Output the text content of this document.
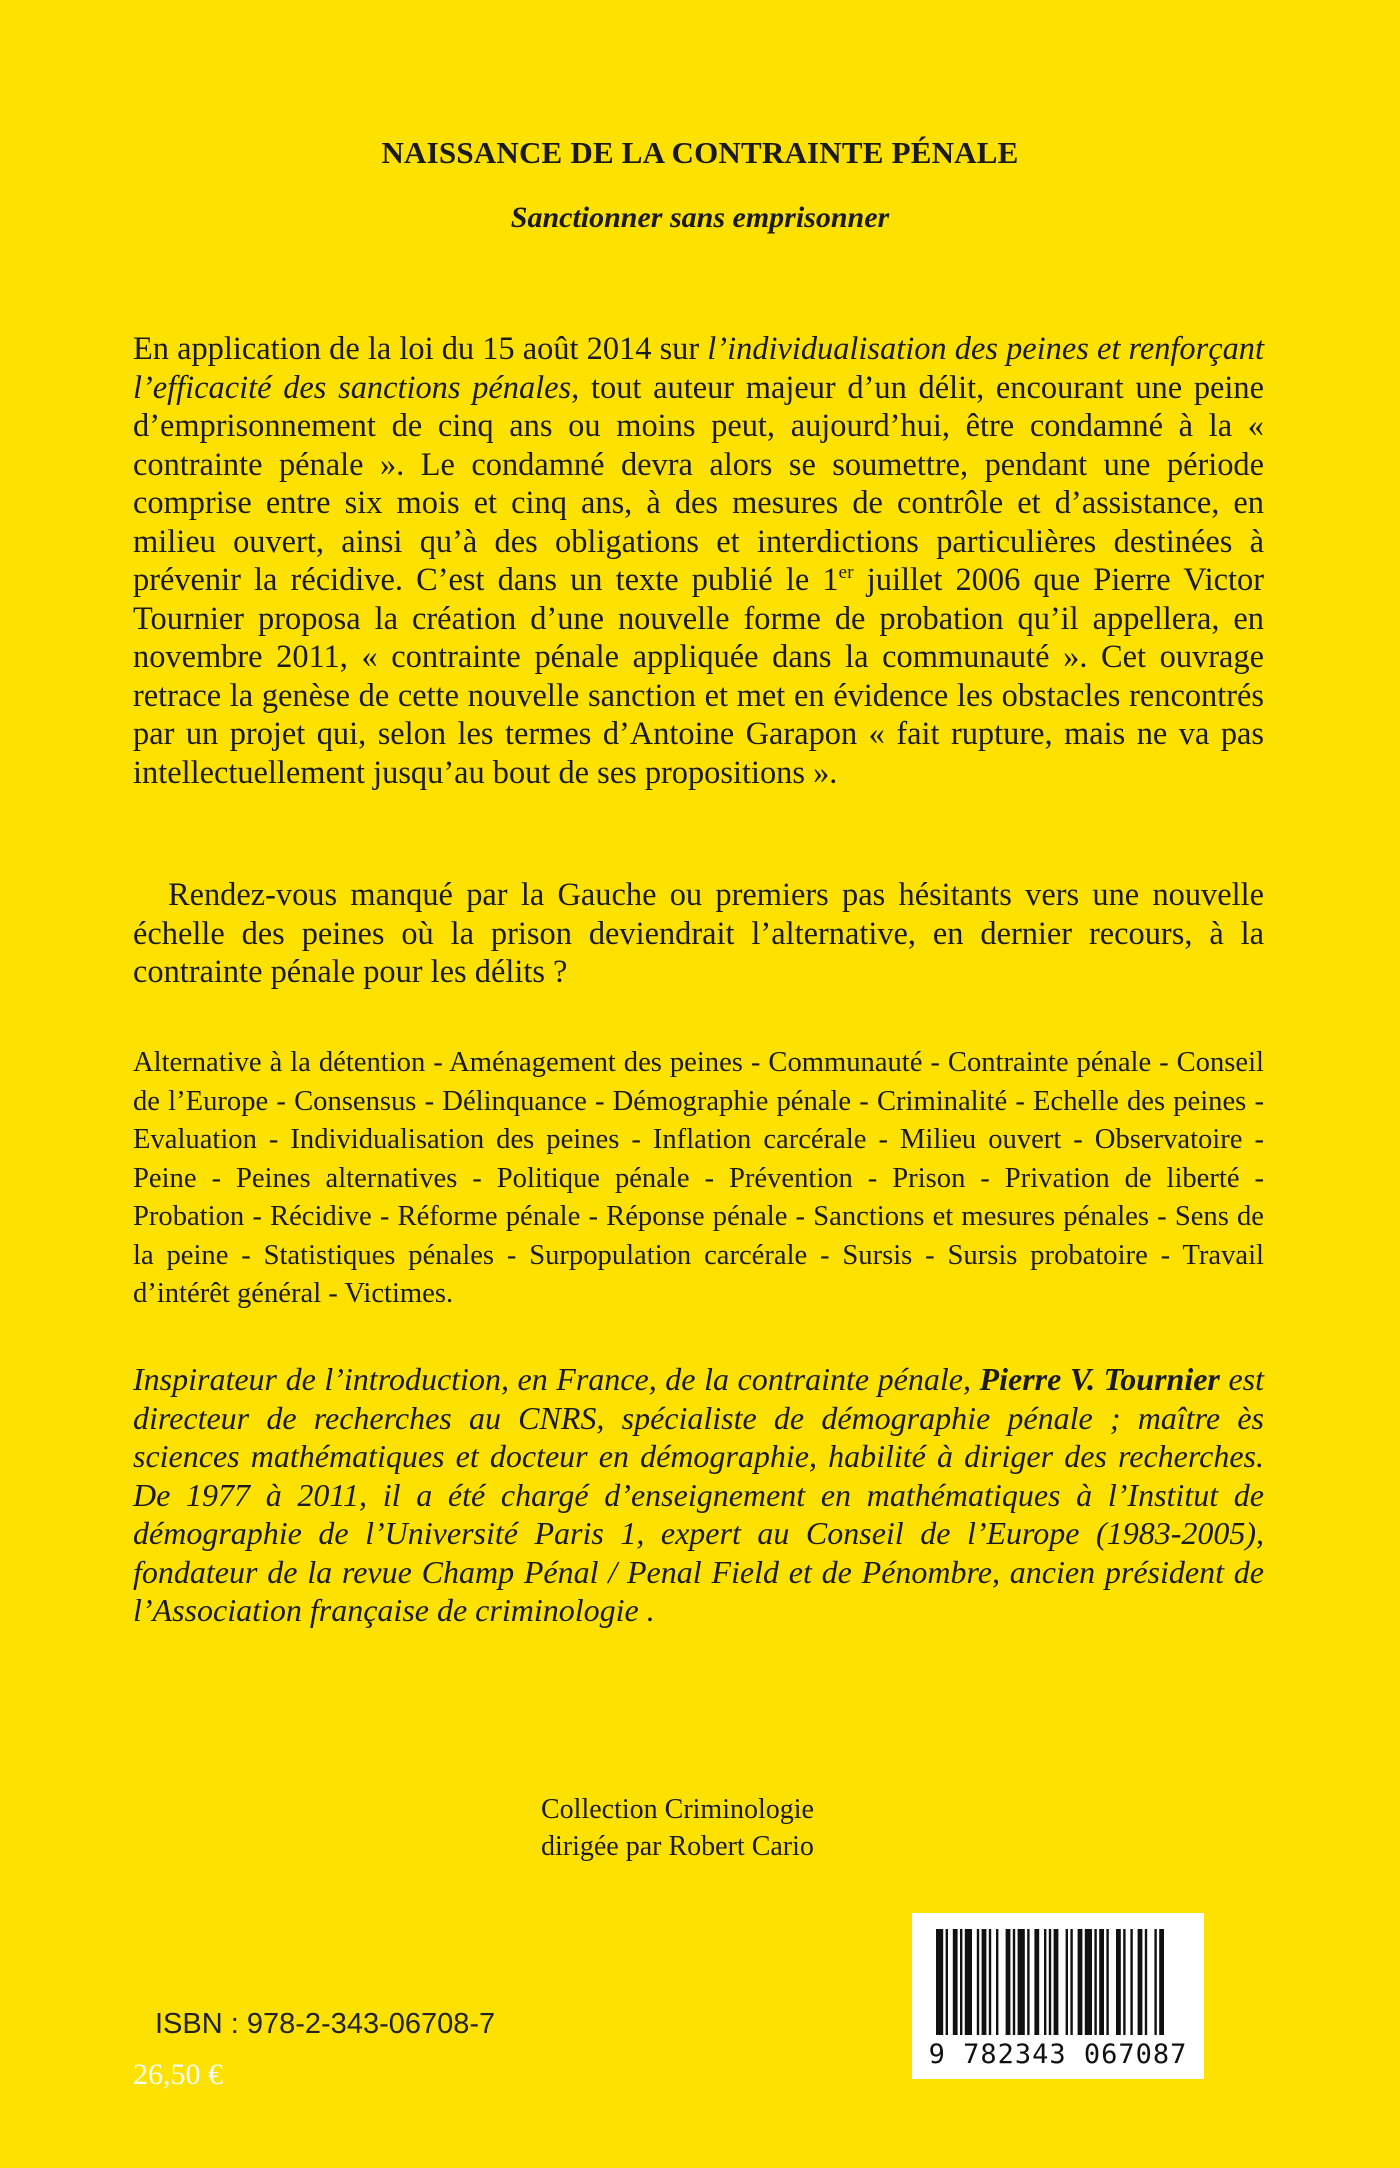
NAISSANCE DE LA CONTRAINTE PÉNALE
Sanctionner sans emprisonner
En application de la loi du 15 août 2014 sur l’individualisation des peines et renforçant l’efficacité des sanctions pénales, tout auteur majeur d’un délit, encourant une peine d’emprisonnement de cinq ans ou moins peut, aujourd’hui, être condamné à la « contrainte pénale ». Le condamné devra alors se soumettre, pendant une période comprise entre six mois et cinq ans, à des mesures de contrôle et d’assistance, en milieu ouvert, ainsi qu’à des obligations et interdictions particulières destinées à prévenir la récidive. C’est dans un texte publié le 1er juillet 2006 que Pierre Victor Tournier proposa la création d’une nouvelle forme de probation qu’il appellera, en novembre 2011, « contrainte pénale appliquée dans la communauté ». Cet ouvrage retrace la genèse de cette nouvelle sanction et met en évidence les obstacles rencontrés par un projet qui, selon les termes d’Antoine Garapon « fait rupture, mais ne va pas intellectuellement jusqu’au bout de ses propositions ».
Rendez-vous manqué par la Gauche ou premiers pas hésitants vers une nouvelle échelle des peines où la prison deviendrait l’alternative, en dernier recours, à la contrainte pénale pour les délits ?
Alternative à la détention - Aménagement des peines - Communauté - Contrainte pénale - Conseil de l’Europe - Consensus - Délinquance - Démographie pénale - Criminalité - Echelle des peines - Evaluation - Individualisation des peines - Inflation carcérale - Milieu ouvert - Observatoire - Peine - Peines alternatives - Politique pénale - Prévention - Prison - Privation de liberté - Probation - Récidive - Réforme pénale - Réponse pénale - Sanctions et mesures pénales - Sens de la peine - Statistiques pénales - Surpopulation carcérale - Sursis - Sursis probatoire - Travail d’intérêt général - Victimes.
Inspirateur de l’introduction, en France, de la contrainte pénale, Pierre V. Tournier est directeur de recherches au CNRS, spécialiste de démographie pénale ; maître ès sciences mathématiques et docteur en démographie, habilité à diriger des recherches. De 1977 à 2011, il a été chargé d’enseignement en mathématiques à l’Institut de démographie de l’Université Paris 1, expert au Conseil de l’Europe (1983-2005), fondateur de la revue Champ Pénal / Penal Field et de Pénombre, ancien président de l’Association française de criminologie .
Collection Criminologie
dirigée par Robert Cario
9 782343 067087
ISBN : 978-2-343-06708-7
26,50 €
